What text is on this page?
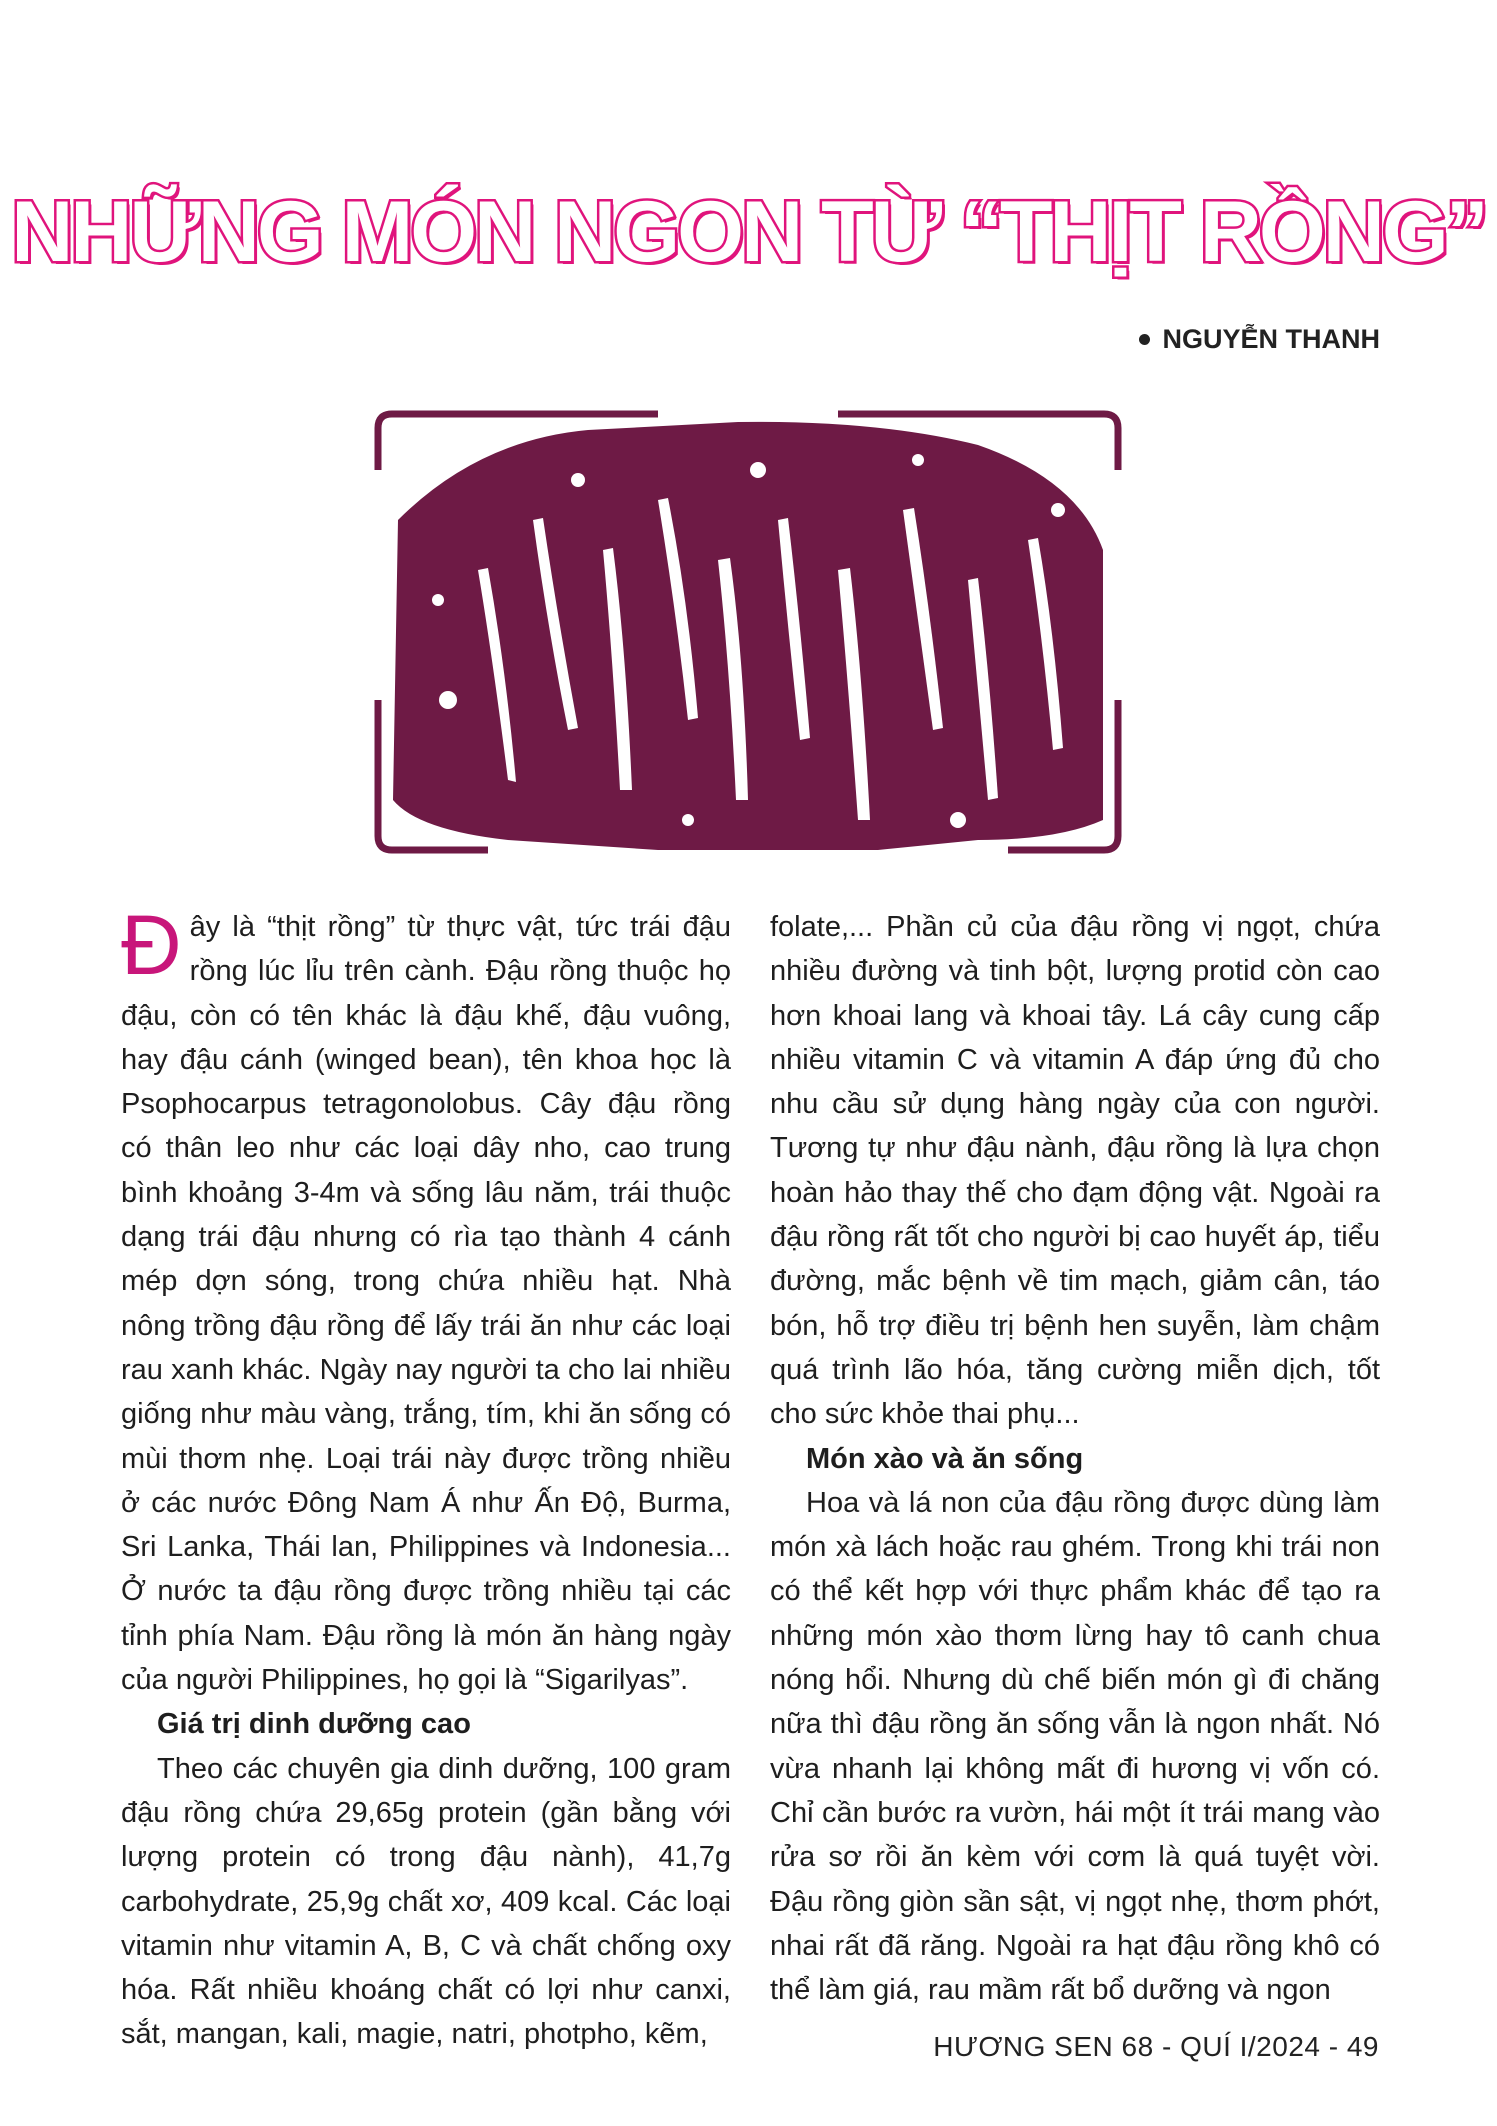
NHỮNG MÓN NGON TỪ “THỊT RỒNG”
NGUYỄN THANH

Đây là “thịt rồng” từ thực vật, tức trái đậu rồng lúc lỉu trên cành. Đậu rồng thuộc họ đậu, còn có tên khác là đậu khế, đậu vuông, hay đậu cánh (winged bean), tên khoa học là Psophocarpus tetragonolobus. Cây đậu rồng có thân leo như các loại dây nho, cao trung bình khoảng 3-4m và sống lâu năm, trái thuộc dạng trái đậu nhưng có rìa tạo thành 4 cánh mép dợn sóng, trong chứa nhiều hạt. Nhà nông trồng đậu rồng để lấy trái ăn như các loại rau xanh khác. Ngày nay người ta cho lai nhiều giống như màu vàng, trắng, tím, khi ăn sống có mùi thơm nhẹ. Loại trái này được trồng nhiều ở các nước Đông Nam Á như Ấn Độ, Burma, Sri Lanka, Thái lan, Philippines và Indonesia... Ở nước ta đậu rồng được trồng nhiều tại các tỉnh phía Nam. Đậu rồng là món ăn hàng ngày của người Philippines, họ gọi là “Sigarilyas”.

Giá trị dinh dưỡng cao

Theo các chuyên gia dinh dưỡng, 100 gram đậu rồng chứa 29,65g protein (gần bằng với lượng protein có trong đậu nành), 41,7g carbohydrate, 25,9g chất xơ, 409 kcal. Các loại vitamin như vitamin A, B, C và chất chống oxy hóa. Rất nhiều khoáng chất có lợi như canxi, sắt, mangan, kali, magie, natri, photpho, kẽm,

folate,... Phần củ của đậu rồng vị ngọt, chứa nhiều đường và tinh bột, lượng protid còn cao hơn khoai lang và khoai tây. Lá cây cung cấp nhiều vitamin C và vitamin A đáp ứng đủ cho nhu cầu sử dụng hàng ngày của con người. Tương tự như đậu nành, đậu rồng là lựa chọn hoàn hảo thay thế cho đạm động vật. Ngoài ra đậu rồng rất tốt cho người bị cao huyết áp, tiểu đường, mắc bệnh về tim mạch, giảm cân, táo bón, hỗ trợ điều trị bệnh hen suyễn, làm chậm quá trình lão hóa, tăng cường miễn dịch, tốt cho sức khỏe thai phụ...

Món xào và ăn sống

Hoa và lá non của đậu rồng được dùng làm món xà lách hoặc rau ghém. Trong khi trái non có thể kết hợp với thực phẩm khác để tạo ra những món xào thơm lừng hay tô canh chua nóng hổi. Nhưng dù chế biến món gì đi chăng nữa thì đậu rồng ăn sống vẫn là ngon nhất. Nó vừa nhanh lại không mất đi hương vị vốn có. Chỉ cần bước ra vườn, hái một ít trái mang vào rửa sơ rồi ăn kèm với cơm là quá tuyệt vời. Đậu rồng giòn sần sật, vị ngọt nhẹ, thơm phớt, nhai rất đã răng. Ngoài ra hạt đậu rồng khô có thể làm giá, rau mầm rất bổ dưỡng và ngon

HƯƠNG SEN 68 - QUÍ I/2024 - 49
